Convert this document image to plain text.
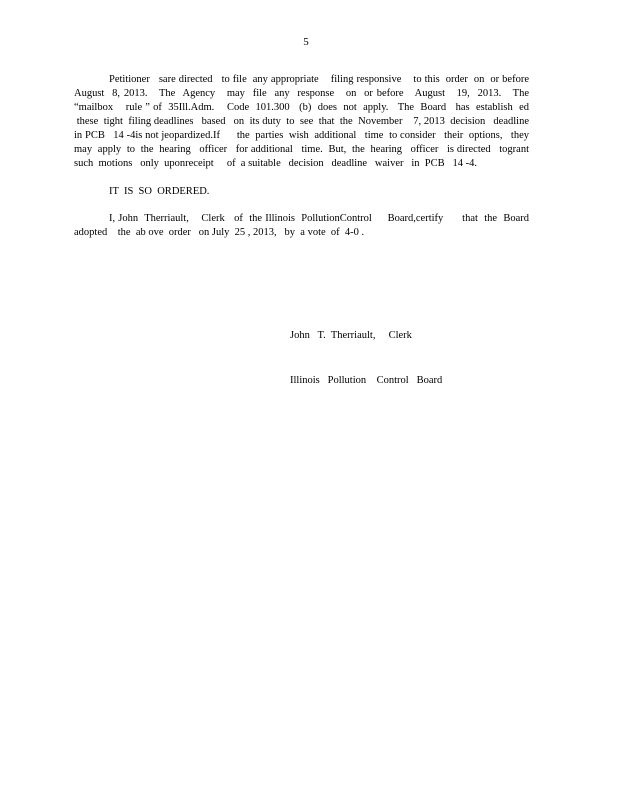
5
Petitioner   sare directed   to file  any appropriate    filing responsive    to this  order  on  or before
August  8, 2013.   The  Agency   may  file  any  response   on  or before   August   19,  2013.   The
“mailbox    rule ” of  35Ill.Adm.    Code  101.300   (b)  does  not  apply.   The  Board   has  establish  ed
these  tight  filing deadlines   based   on  its duty  to  see  that  the  November    7, 2013  decision   deadline
in PCB   14 -4is not jeopardized.If      the  parties  wish  additional   time  to consider   their  options,   they
may  apply  to  the  hearing   officer   for additional   time.  But,  the  hearing   officer   is directed   togrant
such  motions   only  uponreceipt     of  a suitable   decision   deadline   waiver   in  PCB   14 -4.
IT  IS  SO  ORDERED.
I, John  Therriault,    Clerk   of  the Illinois  PollutionControl     Board,certify      that  the  Board
adopted    the  ab ove  order   on July  25 , 2013,   by  a vote  of  4-0 .

John   T.  Therriault,     Clerk

Illinois   Pollution    Control   Board
